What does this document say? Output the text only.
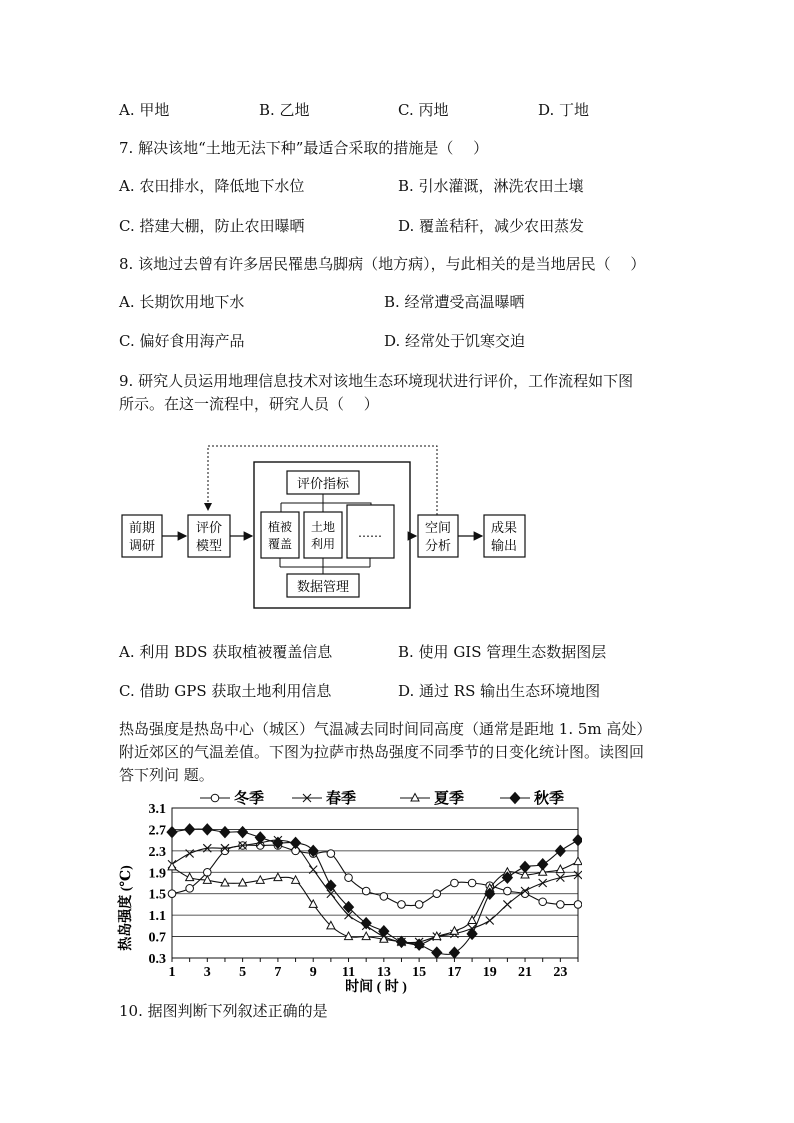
A. 甲地	B. 乙地	C. 丙地	D. 丁地
7. 解决该地“土地无法下种”最适合采取的措施是（　 ）
A. 农田排水，降低地下水位	B. 引水灌溉，淋洗农田土壤
C. 搭建大棚，防止农田曝晒	D. 覆盖秸秆，减少农田蒸发
8. 该地过去曾有许多居民罹患乌脚病（地方病），与此相关的是当地居民（　 ）
A. 长期饮用地下水	B. 经常遭受高温曝晒
C. 偏好食用海产品	D. 经常处于饥寒交迫
9. 研究人员运用地理信息技术对该地生态环境现状进行评价，工作流程如下图
所示。在这一流程中，研究人员（　 ）
前期
调研
评价
模型
评价指标
植被
覆盖
土地
利用
……
数据管理
空间
分析
成果
输出
A. 利用 BDS 获取植被覆盖信息	B. 使用 GIS 管理生态数据图层
C. 借助 GPS 获取土地利用信息	D. 通过 RS 输出生态环境地图
热岛强度是热岛中心（城区）气温减去同时间同高度（通常是距地 1. 5m 高处）
附近郊区的气温差值。下图为拉萨市热岛强度不同季节的日变化统计图。读图回
答下列问 题。
0.3
0.7
1.1
1.5
1.9
2.3
2.7
3.1
1 3 5 7 9 11 13 15 17 19 21 23
冬季	春季	夏季	秋季
热岛强度 (℃)
时间 ( 时 )
10. 据图判断下列叙述正确的是
